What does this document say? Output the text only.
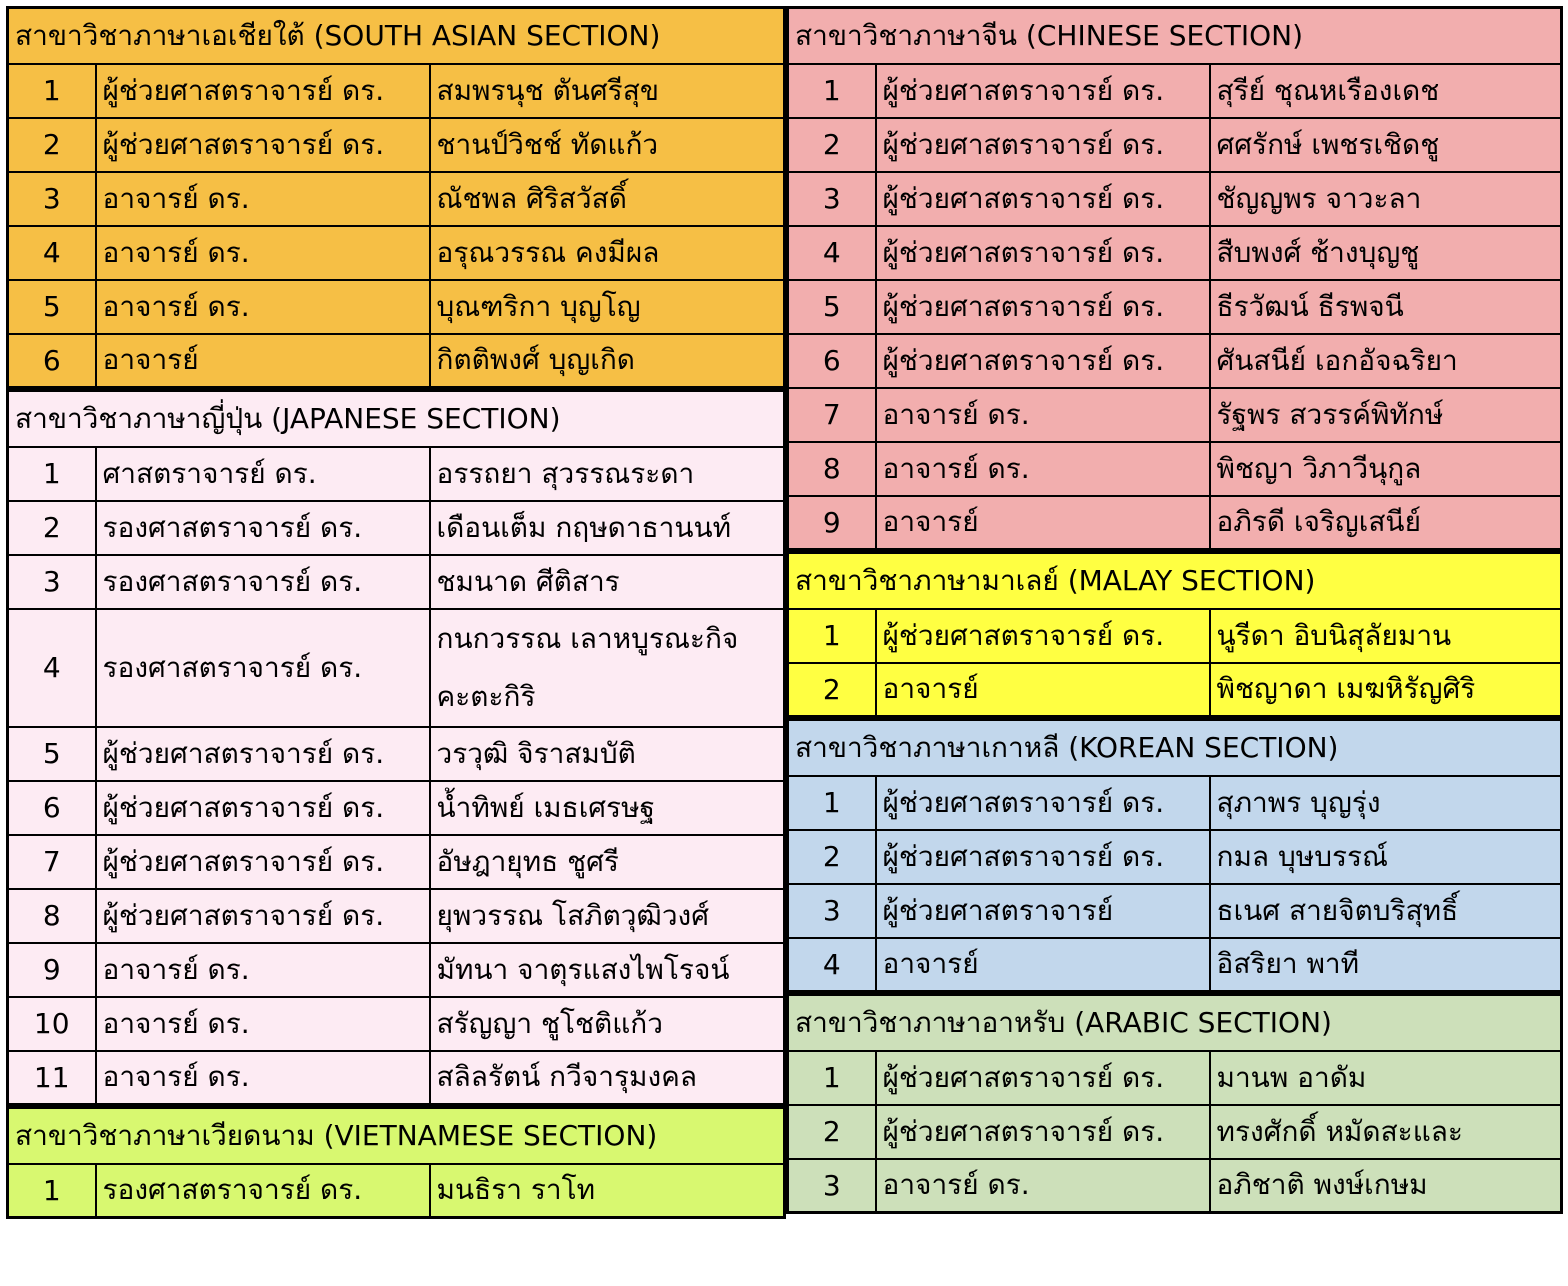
สาขาวิชาภาษาเอเชียใต้ (SOUTH ASIAN SECTION)		
1	ผู้ช่วยศาสตราจารย์ ดร.	สมพรนุช ตันศรีสุข
2	ผู้ช่วยศาสตราจารย์ ดร.	ชานป์วิชช์ ทัดแก้ว
3	อาจารย์ ดร.	ณัชพล ศิริสวัสดิ์
4	อาจารย์ ดร.	อรุณวรรณ คงมีผล
5	อาจารย์ ดร.	บุณฑริกา บุญโญ
6	อาจารย์	กิตติพงศ์ บุญเกิด
สาขาวิชาภาษาญี่ปุ่น (JAPANESE SECTION)		
1	ศาสตราจารย์ ดร.	อรรถยา สุวรรณระดา
2	รองศาสตราจารย์ ดร.	เดือนเต็ม กฤษดาธานนท์
3	รองศาสตราจารย์ ดร.	ชมนาด ศีติสาร
4	รองศาสตราจารย์ ดร.	กนกวรรณ เลาหบูรณะกิจ คะตะกิริ
5	ผู้ช่วยศาสตราจารย์ ดร.	วรวุฒิ จิราสมบัติ
6	ผู้ช่วยศาสตราจารย์ ดร.	น้ำทิพย์ เมธเศรษฐ
7	ผู้ช่วยศาสตราจารย์ ดร.	อัษฎายุทธ ชูศรี
8	ผู้ช่วยศาสตราจารย์ ดร.	ยุพวรรณ โสภิตวุฒิวงศ์
9	อาจารย์ ดร.	มัทนา จาตุรแสงไพโรจน์
10	อาจารย์ ดร.	สรัญญา ชูโชติแก้ว
11	อาจารย์ ดร.	สลิลรัตน์ กวีจารุมงคล
สาขาวิชาภาษาเวียดนาม (VIETNAMESE SECTION)
1	รองศาสตราจารย์ ดร.	มนธิรา ราโท
สาขาวิชาภาษาจีน (CHINESE SECTION)		
1	ผู้ช่วยศาสตราจารย์ ดร.	สุรีย์ ชุณหเรืองเดช
2	ผู้ช่วยศาสตราจารย์ ดร.	ศศรักษ์ เพชรเชิดชู
3	ผู้ช่วยศาสตราจารย์ ดร.	ชัญญพร จาวะลา
4	ผู้ช่วยศาสตราจารย์ ดร.	สืบพงศ์ ช้างบุญชู
5	ผู้ช่วยศาสตราจารย์ ดร.	ธีรวัฒน์ ธีรพจนี
6	ผู้ช่วยศาสตราจารย์ ดร.	ศันสนีย์ เอกอัจฉริยา
7	อาจารย์ ดร.	รัฐพร สวรรค์พิทักษ์
8	อาจารย์ ดร.	พิชญา วิภาวีนุกูล
9	อาจารย์	อภิรดี เจริญเสนีย์
สาขาวิชาภาษามาเลย์ (MALAY SECTION)		
1	ผู้ช่วยศาสตราจารย์ ดร.	นูรีดา อิบนิสุลัยมาน
2	อาจารย์	พิชญาดา เมฆหิรัญศิริ
สาขาวิชาภาษาเกาหลี (KOREAN SECTION)		
1	ผู้ช่วยศาสตราจารย์ ดร.	สุภาพร บุญรุ่ง
2	ผู้ช่วยศาสตราจารย์ ดร.	กมล บุษบรรณ์
3	ผู้ช่วยศาสตราจารย์	ธเนศ สายจิตบริสุทธิ์
4	อาจารย์	อิสริยา พาที
สาขาวิชาภาษาอาหรับ (ARABIC SECTION)		
1	ผู้ช่วยศาสตราจารย์ ดร.	มานพ อาดัม
2	ผู้ช่วยศาสตราจารย์ ดร.	ทรงศักดิ์ หมัดสะและ
3	อาจารย์ ดร.	อภิชาติ พงษ์เกษม
